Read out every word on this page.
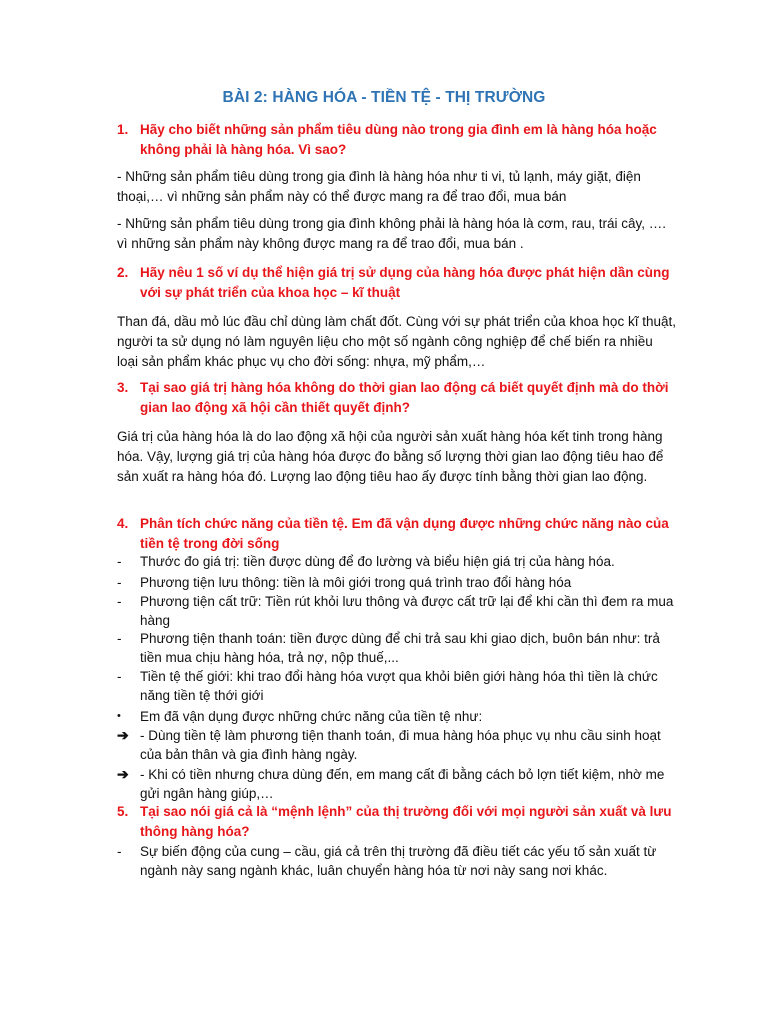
BÀI 2: HÀNG HÓA - TIỀN TỆ - THỊ TRƯỜNG
1. Hãy cho biết những sản phẩm tiêu dùng nào trong gia đình em là hàng hóa hoặc không phải là hàng hóa. Vì sao?
- Những sản phẩm tiêu dùng trong gia đình là hàng hóa như ti vi, tủ lạnh, máy giặt, điện thoại,… vì những sản phẩm này có thể được mang ra để trao đổi, mua bán
- Những sản phẩm tiêu dùng trong gia đình không phải là hàng hóa là cơm, rau, trái cây, …. vì những sản phẩm này không được mang ra để trao đổi, mua bán .
2. Hãy nêu 1 số ví dụ thể hiện giá trị sử dụng của hàng hóa được phát hiện dần cùng với sự phát triển của khoa học – kĩ thuật
Than đá, dầu mỏ lúc đầu chỉ dùng làm chất đốt. Cùng với sự phát triển của khoa học kĩ thuật, người ta sử dụng nó làm nguyên liệu cho một số ngành công nghiệp để chế biến ra nhiều loại sản phẩm khác phục vụ cho đời sống: nhựa, mỹ phẩm,…
3. Tại sao giá trị hàng hóa không do thời gian lao động cá biết quyết định mà do thời gian lao động xã hội cần thiết quyết định?
Giá trị của hàng hóa là do lao động xã hội của người sản xuất hàng hóa kết tinh trong hàng hóa. Vậy, lượng giá trị của hàng hóa được đo bằng số lượng thời gian lao động tiêu hao để sản xuất ra hàng hóa đó. Lượng lao động tiêu hao ấy được tính bằng thời gian lao động.
4. Phân tích chức năng của tiền tệ. Em đã vận dụng được những chức năng nào của tiền tệ trong đời sống
-	Thước đo giá trị: tiền được dùng để đo lường và biểu hiện giá trị của hàng hóa.
-	Phương tiện lưu thông: tiền là môi giới trong quá trình trao đổi hàng hóa
-	Phương tiện cất trữ: Tiền rút khỏi lưu thông và được cất trữ lại để khi cần thì đem ra mua hàng
-	Phương tiện thanh toán: tiền được dùng để chi trả sau khi giao dịch, buôn bán như: trả tiền mua chịu hàng hóa, trả nợ, nộp thuế,...
-	Tiền tệ thế giới: khi trao đổi hàng hóa vượt qua khỏi biên giới hàng hóa thì tiền là chức năng tiền tệ thới giới
•	Em đã vận dụng được những chức năng của tiền tệ như:
➔ - Dùng tiền tệ làm phương tiện thanh toán, đi mua hàng hóa phục vụ nhu cầu sinh hoạt của bản thân và gia đình hàng ngày.
➔ - Khi có tiền nhưng chưa dùng đến, em mang cất đi bằng cách bỏ lợn tiết kiệm, nhờ me gửi ngân hàng giúp,…
5. Tại sao nói giá cả là “mệnh lệnh” của thị trường đối với mọi người sản xuất và lưu thông hàng hóa?
-	Sự biến động của cung – cầu, giá cả trên thị trường đã điều tiết các yếu tố sản xuất từ ngành này sang ngành khác, luân chuyển hàng hóa từ nơi này sang nơi khác.
